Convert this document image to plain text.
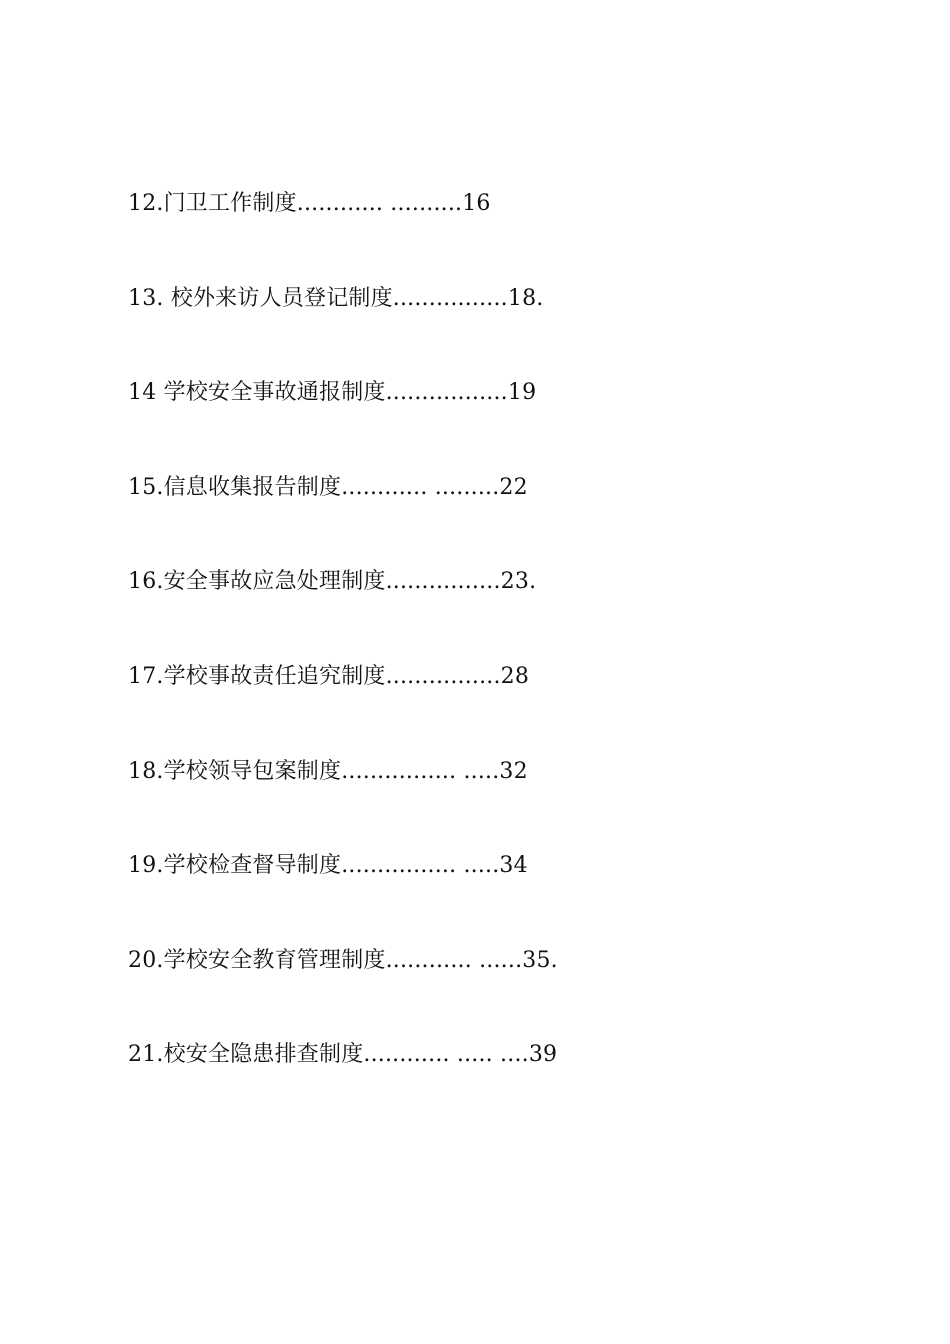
12.门卫工作制度............ ..........16
13. 校外来访人员登记制度................18.
14 学校安全事故通报制度.................19
15.信息收集报告制度............ .........22
16.安全事故应急处理制度................23.
17.学校事故责任追究制度................28
18.学校领导包案制度................ .....32
19.学校检查督导制度................ .....34
20.学校安全教育管理制度............ ......35.
21.校安全隐患排查制度............ ..... ....39
